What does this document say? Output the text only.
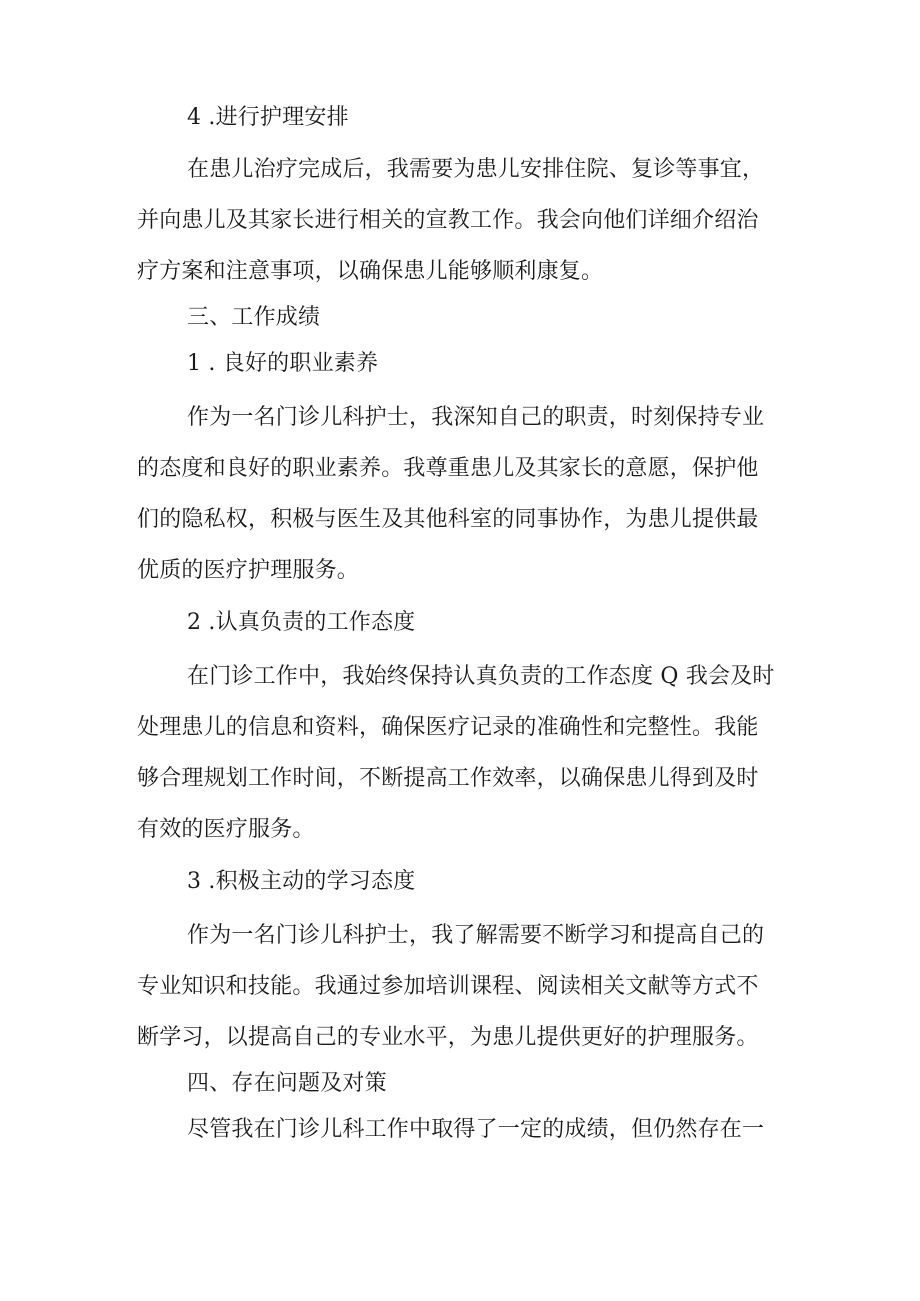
4 .进行护理安排
在患儿治疗完成后，我需要为患儿安排住院、复诊等事宜，
并向患儿及其家长进行相关的宣教工作。我会向他们详细介绍治
疗方案和注意事项，以确保患儿能够顺利康复。
三、工作成绩
1 . 良好的职业素养
作为一名门诊儿科护士，我深知自己的职责，时刻保持专业
的态度和良好的职业素养。我尊重患儿及其家长的意愿，保护他
们的隐私权，积极与医生及其他科室的同事协作，为患儿提供最
优质的医疗护理服务。
2 .认真负责的工作态度
在门诊工作中，我始终保持认真负责的工作态度 Q 我会及时
处理患儿的信息和资料，确保医疗记录的准确性和完整性。我能
够合理规划工作时间，不断提高工作效率，以确保患儿得到及时
有效的医疗服务。
3 .积极主动的学习态度
作为一名门诊儿科护士，我了解需要不断学习和提高自己的
专业知识和技能。我通过参加培训课程、阅读相关文献等方式不
断学习，以提高自己的专业水平，为患儿提供更好的护理服务。
四、存在问题及对策
尽管我在门诊儿科工作中取得了一定的成绩，但仍然存在一
